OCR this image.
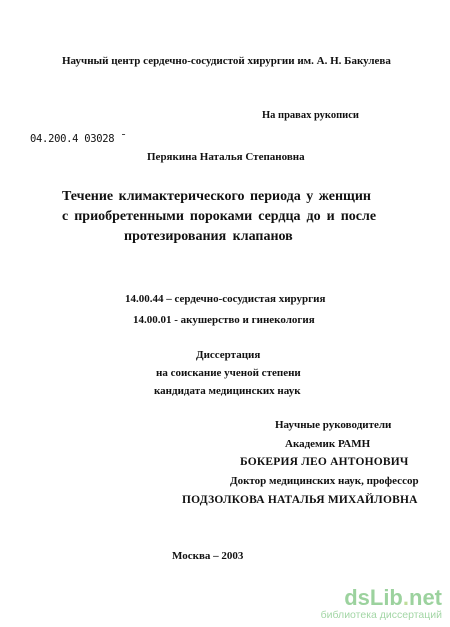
Научный центр сердечно-сосудистой хирургии им. А. Н. Бакулева
На правах рукописи
04.200.4 03028 ¯
Перякина Наталья Степановна
Течение климактерического периода у женщин
с приобретенными пороками сердца до и после
протезирования клапанов
14.00.44 – сердечно-сосудистая хирургия
14.00.01 - акушерство и гинекология
Диссертация
на соискание ученой степени
кандидата медицинских наук
Научные руководители
Академик РАМН
БОКЕРИЯ ЛЕО АНТОНОВИЧ
Доктор медицинских наук, профессор
ПОДЗОЛКОВА НАТАЛЬЯ МИХАЙЛОВНА
Москва – 2003
dsLib.net
библиотека диссертаций
